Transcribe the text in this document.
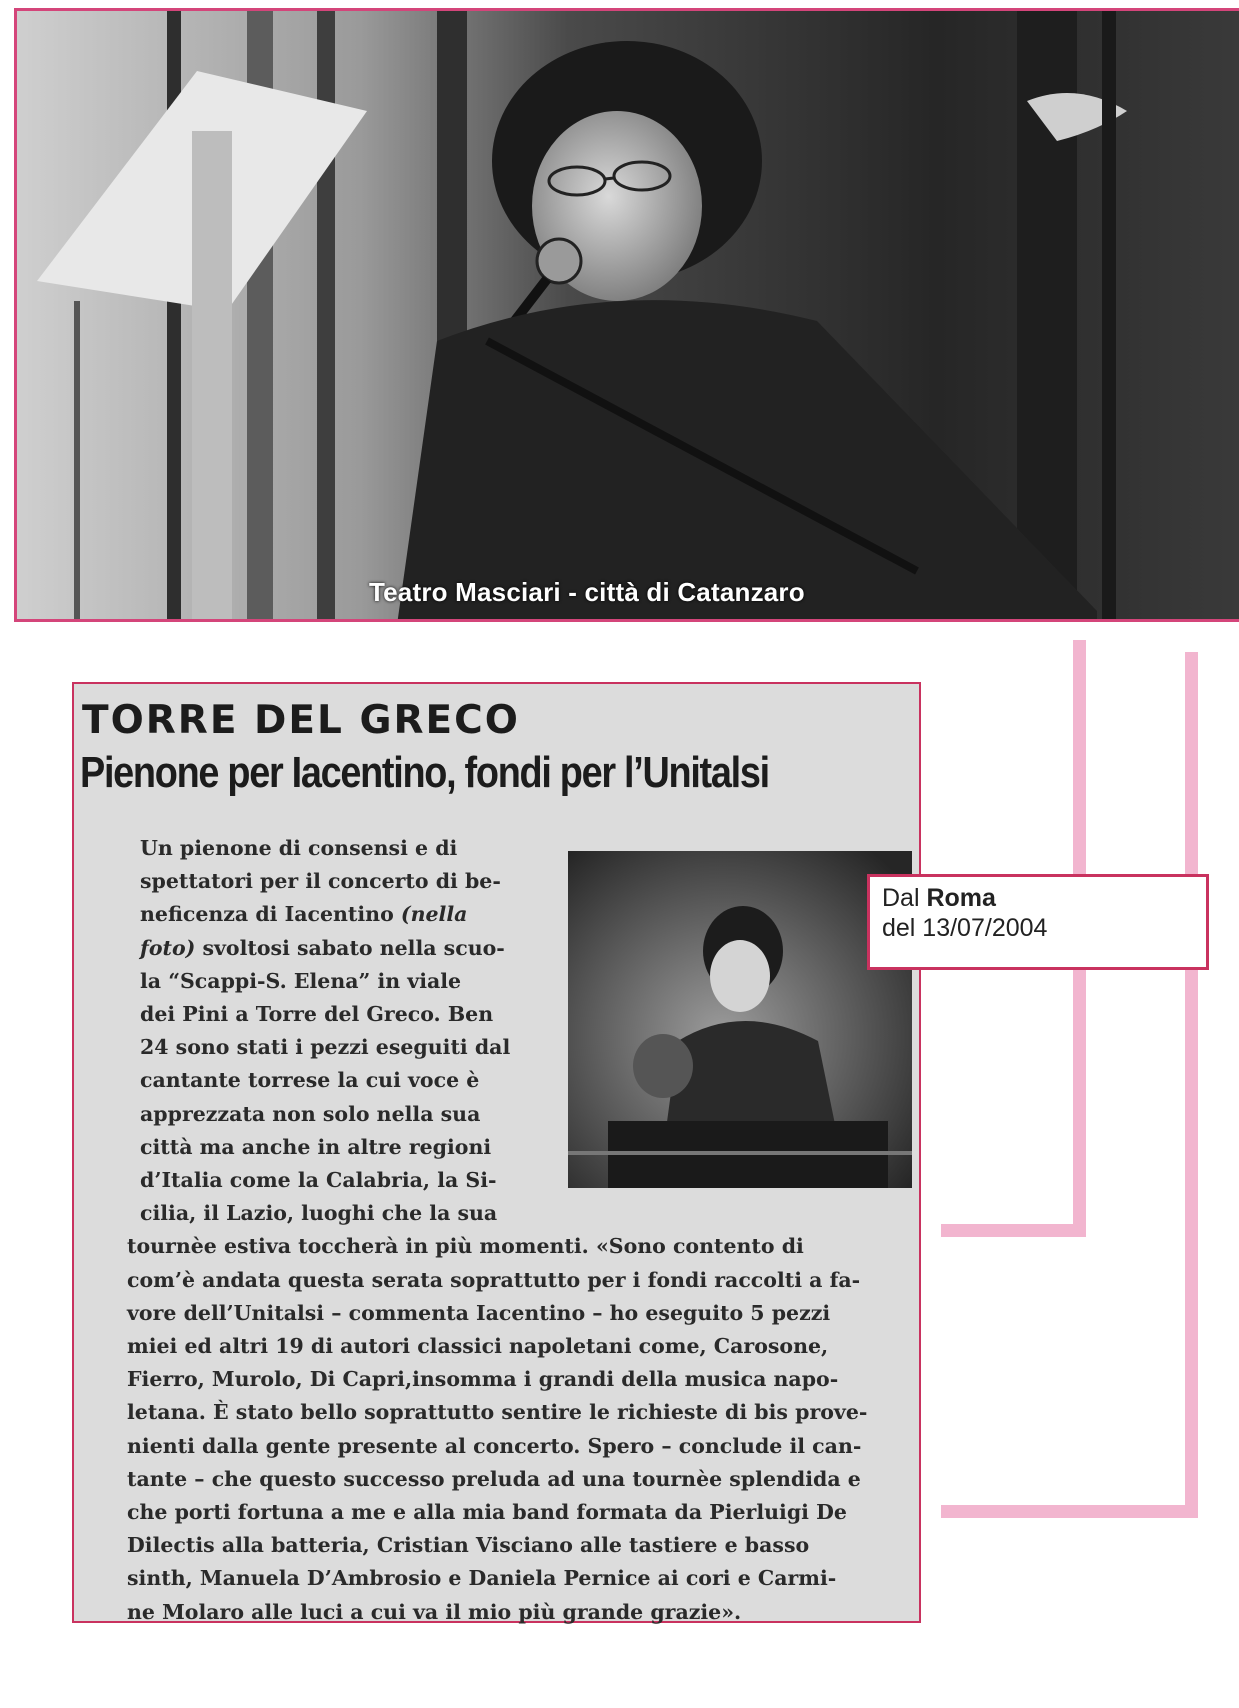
Teatro Masciari - città di Catanzaro
TORRE DEL GRECO
Pienone per Iacentino, fondi per l’Unitalsi
Un pienone di consensi e di
spettatori per il concerto di be-
neficenza di Iacentino (nella
foto) svoltosi sabato nella scuo-
la “Scappi-S. Elena” in viale
dei Pini a Torre del Greco. Ben
24 sono stati i pezzi eseguiti dal
cantante torrese la cui voce è
apprezzata non solo nella sua
città ma anche in altre regioni
d’Italia come la Calabria, la Si-
cilia, il Lazio, luoghi che la sua
tournèe estiva toccherà in più momenti. «Sono contento di
com’è andata questa serata soprattutto per i fondi raccolti a fa-
vore dell’Unitalsi – commenta Iacentino – ho eseguito 5 pezzi
miei ed altri 19 di autori classici napoletani come, Carosone,
Fierro, Murolo, Di Capri,insomma i grandi della musica napo-
letana. È stato bello soprattutto sentire le richieste di bis prove-
nienti dalla gente presente al concerto. Spero – conclude il can-
tante – che questo successo preluda ad una tournèe splendida e
che porti fortuna a me e alla mia band formata da Pierluigi De
Dilectis alla batteria, Cristian Visciano alle tastiere e basso
sinth, Manuela D’Ambrosio e Daniela Pernice ai cori e Carmi-
ne Molaro alle luci a cui va il mio più grande grazie».
Dal Roma
del 13/07/2004
